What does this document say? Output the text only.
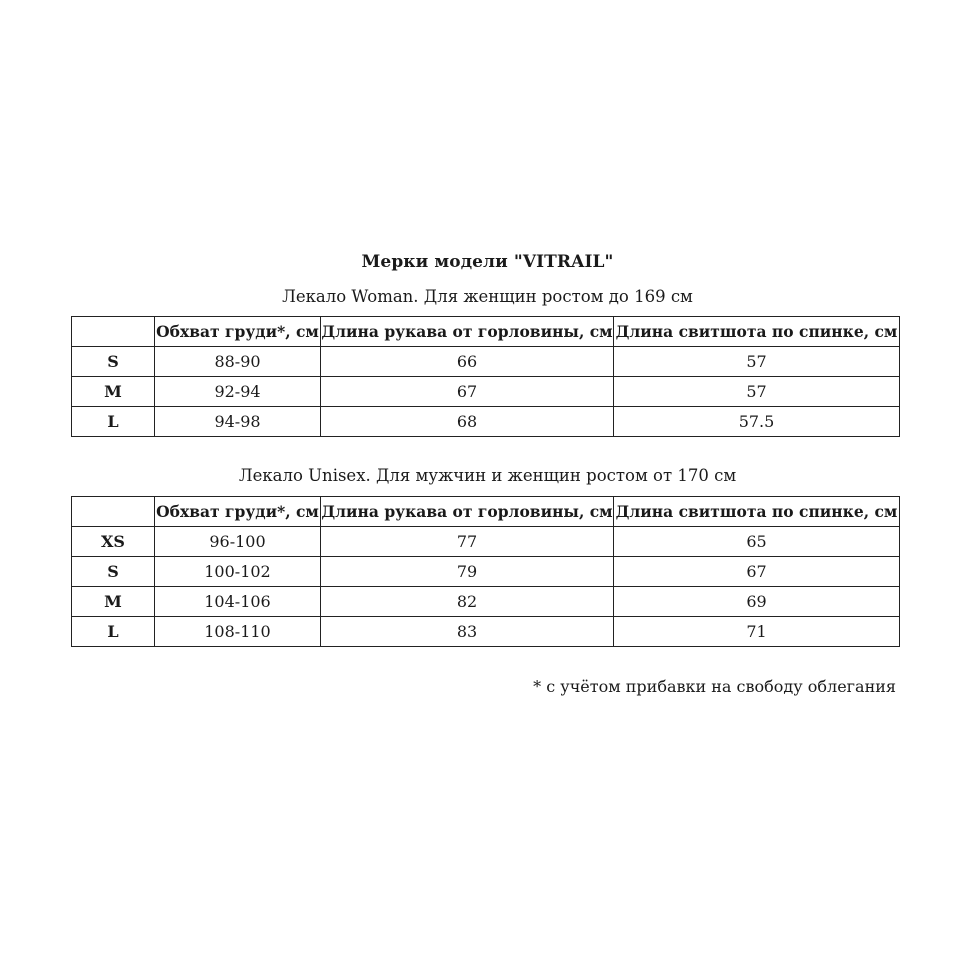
Мерки модели "VITRAIL"
Лекало Woman. Для женщин ростом до 169 см
	Обхват груди*, см	Длина рукава от горловины, см	Длина свитшота по спинке, см
S	88-90	66	57
M	92-94	67	57
L	94-98	68	57.5
Лекало Unisex. Для мужчин и женщин ростом от 170 см
	Обхват груди*, см	Длина рукава от горловины, см	Длина свитшота по спинке, см
XS	96-100	77	65
S	100-102	79	67
M	104-106	82	69
L	108-110	83	71
* с учётом прибавки на свободу облегания
